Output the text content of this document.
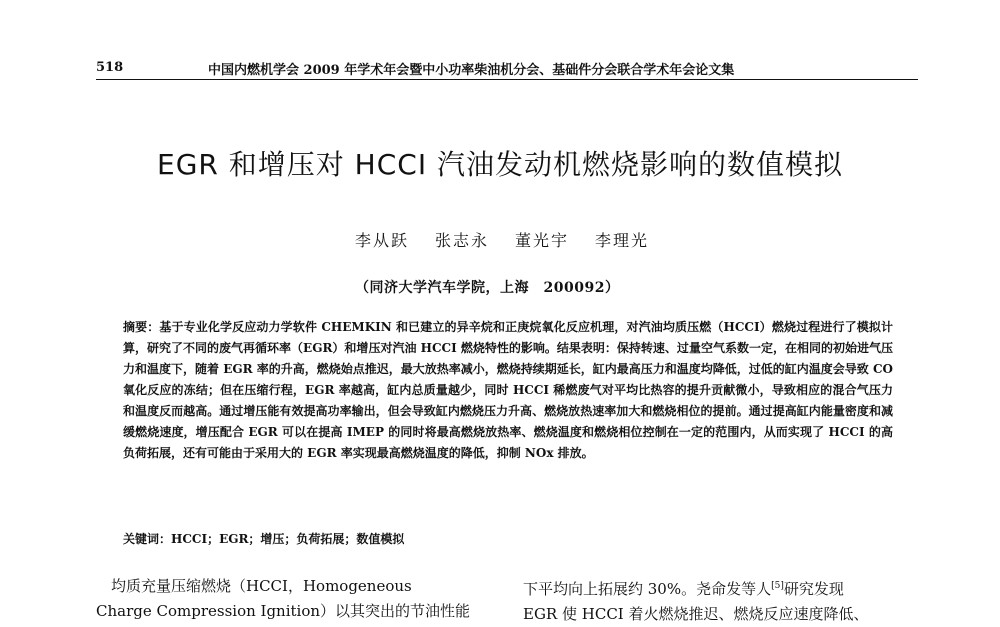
518	中国内燃机学会 2009 年学术年会暨中小功率柴油机分会、基础件分会联合学术年会论文集
EGR 和增压对 HCCI 汽油发动机燃烧影响的数值模拟
李从跃 张志永 董光宇 李理光
（同济大学汽车学院，上海　200092）
摘要：基于专业化学反应动力学软件 CHEMKIN 和已建立的异辛烷和正庚烷氧化反应机理，对汽油均质压燃（HCCI）燃烧过程进行了模拟计算，研究了不同的废气再循环率（EGR）和增压对汽油 HCCI 燃烧特性的影响。结果表明：保持转速、过量空气系数一定，在相同的初始进气压力和温度下，随着 EGR 率的升高，燃烧始点推迟，最大放热率减小，燃烧持续期延长，缸内最高压力和温度均降低，过低的缸内温度会导致 CO 氧化反应的冻结；但在压缩行程，EGR 率越高，缸内总质量越少，同时 HCCI 稀燃废气对平均比热容的提升贡献微小，导致相应的混合气压力和温度反而越高。通过增压能有效提高功率输出，但会导致缸内燃烧压力升高、燃烧放热速率加大和燃烧相位的提前。通过提高缸内能量密度和减缓燃烧速度，增压配合 EGR 可以在提高 IMEP 的同时将最高燃烧放热率、燃烧温度和燃烧相位控制在一定的范围内，从而实现了 HCCI 的高负荷拓展，还有可能由于采用大的 EGR 率实现最高燃烧温度的降低，抑制 NOx 排放。
关键词：HCCI；EGR；增压；负荷拓展；数值模拟
　均质充量压缩燃烧（HCCI，Homogeneous
Charge Compression Ignition）以其突出的节油性能
下平均向上拓展约 30%。尧命发等人[5]研究发现
EGR 使 HCCI 着火燃烧推迟、燃烧反应速度降低、
